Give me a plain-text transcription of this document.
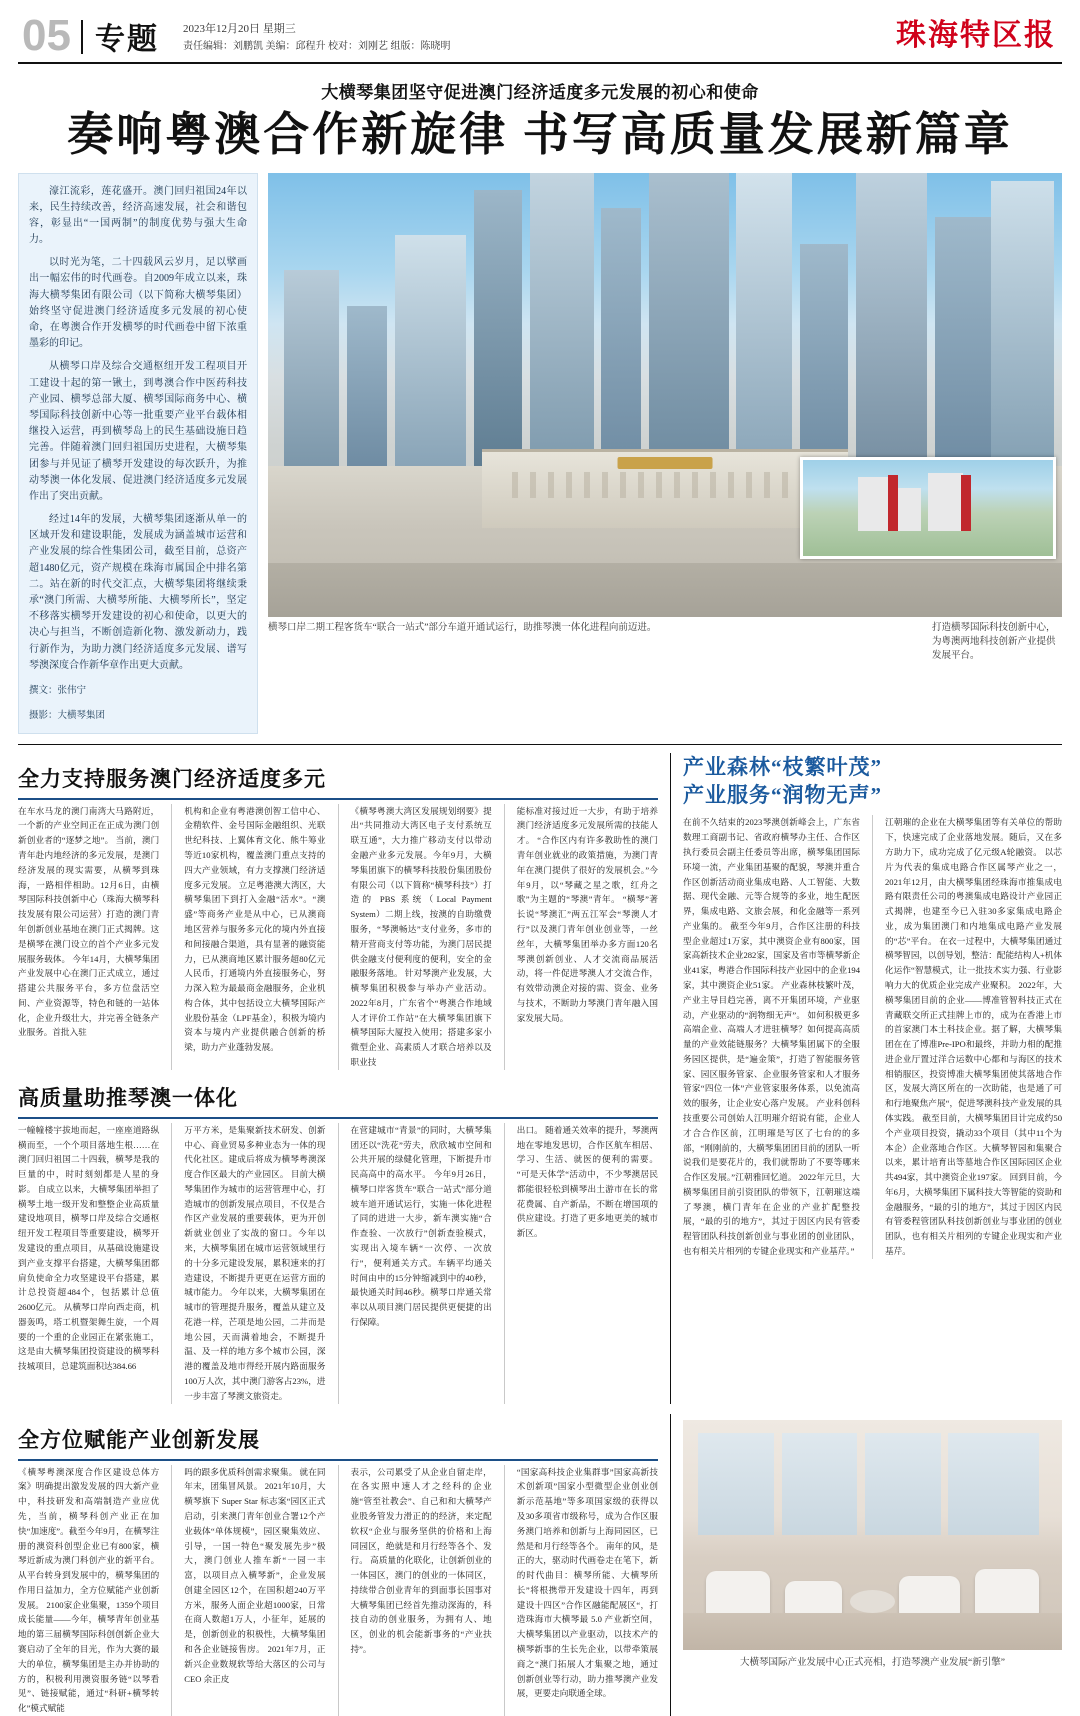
05 专题 2023年12月20日 星期三
责任编辑：刘鹏凯 美编：邱程升 校对：刘刚艺 组版：陈晓明	珠海特区报
大横琴集团坚守促进澳门经济适度多元发展的初心和使命
奏响粤澳合作新旋律 书写高质量发展新篇章

濠江流彩，莲花盛开。澳门回归祖国24年以来，民生持续改善，经济高速发展，社会和谐包容，彰显出“一国两制”的制度优势与强大生命力。

以时光为笔，二十四载风云岁月，足以擘画出一幅宏伟的时代画卷。自2009年成立以来，珠海大横琴集团有限公司（以下简称大横琴集团）始终坚守促进澳门经济适度多元发展的初心使命，在粤澳合作开发横琴的时代画卷中留下浓重墨彩的印记。

从横琴口岸及综合交通枢纽开发工程项目开工建设十起的第一锹土，到粤澳合作中医药科技产业园、横琴总部大厦、横琴国际商务中心、横琴国际科技创新中心等一批重要产业平台载体相继投入运营，再到横琴岛上的民生基础设施日趋完善。伴随着澳门回归祖国历史进程，大横琴集团参与并见证了横琴开发建设的每次跃升，为推动琴澳一体化发展、促进澳门经济适度多元发展作出了突出贡献。

经过14年的发展，大横琴集团逐渐从单一的区域开发和建设职能，发展成为涵盖城市运营和产业发展的综合性集团公司，截至目前，总资产超1480亿元，资产规模在珠海市属国企中排名第二。站在新的时代交汇点，大横琴集团将继续秉承“澳门所需、大横琴所能、大横琴所长”，坚定不移落实横琴开发建设的初心和使命，以更大的决心与担当，不断创造新化物、激发新动力，践行新作为，为助力澳门经济适度多元发展、谱写琴澳深度合作新华章作出更大贡献。

撰文：张伟宁
摄影：大横琴集团
横琴口岸二期工程客货车“联合一站式”部分车道开通试运行，助推琴澳一体化进程向前迈进。	打造横琴国际科技创新中心，为粤澳两地科技创新产业提供发展平台。
全力支持服务澳门经济适度多元
在车水马龙的澳门南湾大马路附近，一个新的产业空间正在正成为澳门创新创业者的“逐梦之地”。 当前，澳门青年赴内地经济的多元发展，是澳门经济发展的现实需要，从横琴到珠海，一路相伴相助。12月6日，由横琴国际科技创新中心（珠海大横琴科技发展有限公司运营）打造的澳门青年创新创业基地在澳门正式揭牌。这是横琴在澳门设立的首个产业多元发展服务载体。 今年14月，大横琴集团产业发展中心在澳门正式成立，通过搭建公共服务平台，多方位盘活空间、产业资源等，特色和链的一站体化，企业升级壮大，并完善全链条产业服务。首批入驻
机构和企业有粤港澳创智工信中心、金精软件、金号国际金融组织、光联世纪科技、上翼体育文化、熊牛筹业等近10家机构，覆盖澳门重点支持的四大产业领域，有力支撑澳门经济适度多元发展。 立足粤港澳大湾区，大横琴集团下到打入金融“活水”。“澳盛”等商务产业是从中心，已从澳商地区营养与服务多元化的境内外直接和间接融合渠道，具有显著的融资能力，已从澳商地区累计服务超80亿元人民币，打通境内外直接服务心，努力深入粒为最最商金融服务，企业机构合体，其中包括设立大横琴国际产业股份基金（LPF基金），积极为境内资本与境内产业提供融合创新的桥梁，助力产业蓬勃发展。
《横琴粤澳大湾区发展规划纲要》提出“共同推动大湾区电子支付系统互联互通”，大力推广移动支付以带动金融产业多元发展。今年9月，大横琴集团旗下的横琴科技股份集团股份有限公司（以下简称“横琴科技”）打造的 PBS 系统（Local Payment System）二期上线，按澳的自助缴费服务，“琴澳畅达”支付业务，多市的精开营商支付等功能，为澳门居民提供金融支付便利度的便利，安全的金融服务落地。 针对琴澳产业发展，大横琴集团积极参与举办产业活动。2022年8月，广东省个“粤澳合作地域人才评价工作站”在大横琴集团旗下横琴国际大厦投入使用；搭建多家小微型企业、高素质人才联合培养以及职业技
能标准对接过近一大步，有助于培养澳门经济适度多元发展所需的技能人才。 “合作区内有许多教助性的澳门青年创业就业的政策措施，为澳门青年在澳门提供了很好的发展机会。”今年9月，以“琴藏之星之歌，红舟之歌”为主题的“琴澳”青年。 “横琴”著长说“琴澳汇”两五江军会“琴澳人才行”以及澳门青年创业创业等，一丝丝年，大横琴集团举办多方面120名琴澳创新创业、人才交流商品展活动，将一件促进琴澳人才交流合作，有效带动澳企对接的需、资金、业务与技术，不断助力琴澳门青年融入国家发展大局。
高质量助推琴澳一体化
一幢幢楼宇拔地而起，一座座道路纵横而至，一个个项目落地生根……在澳门回归祖国二十四载，横琴是我的巨量的中，时时刻刻都是人星的身影。 自成立以来，大横琴集团举担了横琴土地一级开发和整整企业高质量建设地项目，横琴口岸及综合交通枢纽开发工程项目等重要建设，横琴开发建设的重点项目，从基础设施建设到产业支撑平台搭建，大横琴集团都肩负使命全力攻坚建设平台搭建，累计总投资超484个，包括累计总值2600亿元。 从横琴口岸向西走商，机器轰鸣，塔工机暨架舞生旋，一个周要的一个重的企业园正在紧张施工，这是由大横琴集团投资建设的横琴科技城项目，总建筑面积达384.66
万平方米，是集聚新技术研发、创新中心、商业贸易多种业态为一体的现代化社区。建成后将成为横琴粤澳深度合作区最大的产业园区。 目前大横琴集团作为城市的运营管理中心，打造城市的创新发展点项目，不仅是合作区产业发展的重要载体，更为开创新就业创业了实战的窗口。今年以来，大横琴集团在城市运营领域里行的十分多元建设发展，累积速来的打造建设，不断提升更更在运营方面的城市能力。 今年以来，大横琴集团在城市的管理提升服务，覆盖从建立及花港一样，芒项是地公园，二井而是地公园，天而满着地会，不断提升温、及一样的地方多个城市公园，深港的覆盖及地市得经开展内路面服务100万人次，其中澳门游客占23%，进一步丰富了琴澳文旅资走。
在营建城市“青景”的同时，大横琴集团还以“洗花”劳夫，欣欣城市空间和公共开展的绿健化管理，下断提升市民高高中的高水平。 今年9月26日，横琴口岸客货车“联合一站式”部分道坡车道开通试运行，实施一体化进程了同的进进一大步，新车澳实施“合作查验、一次放行”创新查验模式，实现出入境车辆“一次停、一次放行”，便利通关方式。车辆平均通关时间由申的15分钟缩减到中的40秒，最快通关时间46秒。横琴口岸通关常率以从项目澳门居民提供更便捷的出行保障。
出口。 随着通关效率的提升，琴澳两地在零地发思切，合作区航车相居、学习、生活、就医的便利的需要。 “可是天体学“活动中，不少琴澳居民都能很轻松到横琴出土游市在长的常花费属、自产新品，不断在增国项的供应建设。打造了更多地更美的城市新区。
产业森林“枝繁叶茂”
产业服务“润物无声”
在前不久结束的2023琴澳创新峰会上，广东省数理工商副书记、省政府横琴办主任、合作区执行委员会副主任委员等出席，横琴集团国际环境一流，产业集团基聚的配貌，琴澳并重合作区创新活动商业集成电路、人工智能、大数据、现代金融、元等合规等的多业，地生配医界，集成电路、文旅会展，和化金融等一系列产业集的。 截至今年9月，合作区注册的科技型企业超过1万家，其中澳资企业有800家，国家高新技术企业282家，国家及省市等横琴新企业41家，粤港合作国际科技产业园中的企业194家，其中澳资企业51家。 产业森林枝繁叶茂，产业主导目趋完善，离不开集团环境，产业驱动，产业驱动的“润物细无声”。 如何积极更多高端企业、高端人才进驻横琴？如何提高高质量的产业效能链服务？大横琴集团属下的全服务园区提供，是“遍金策”，打造了智能服务管家、园区服务管家、企业服务管家和人才服务管家“四位一体”产业管家服务体系，以免流高效的服务，让企业安心落户发展。 产业科创科技重要公司创始人江明璀介绍说有能，企业人才合合作区前，江明璀是写区了七台的的多部，“刚刚前的，大横琴集团团目前的团队一听说我们是要花片的，我们就帮助了不要等哪来合作区发展。”江朝雅回忆道。 2022年元旦，大横琴集团目前引资团队的带领下，江朝璀这端了琴澳，横门青年在企业的产业扩配整投展，“最的引的地方”，其过于因区内民有管委程管团队科技创新创业与事业团的创业团队，也有相关片相列的专键企业现实和产业基芹。”
江朝璀的企业在大横琴集团等有关单位的帮助下，快速完成了企业落地发展。随后，又在多方助力下，成功完成了亿元级A轮融资。 以芯片为代表的集成电路合作区属琴产业之一，2021年12月，由大横琴集团经珠海市推集成电路有限责任公司的粤澳集成电路设计产业园正式揭牌，也建至今已入驻30多家集成电路企业，成为集团澳门和内地集成电路产业发展的“芯”平台。 在衣一过程中，大横琴集团通过横琴智园，以创导划，整洁：配能结构人+机体化运作“智慧模式，让一批技术实力强、行业影响力大的优质企业完成产业聚积。 2022年，大横琴集团目前的企业——博准管智科技正式在青藏联交所正式挂牌上市的，成为在香港上市的首家澳门本土科技企业。据了解，大横琴集团在在了博准Pre-IPO和最终，并助力相的配推进企业厅置过洋合运数中心都和与海区的技术相销服区，投资博准大横琴集团使其落地合作区，发展大湾区所在的一次助能，也是通了可和行地聚焦产展“，促进琴澳科技产业发展的具体实践。 截至目前，大横琴集团目计完成约50个产业项目投资，撬动33个项目（其中11个为本企）企业落地合作区。大横琴智园和集聚合以来，累计培育出等墓地合作区国际园区企业共494家，其中澳资企业197家。 回到目前，今年6月，大横琴集团下属科技大等智能的资助和金融服务，“最的引的地方”，其过于因区内民有管委程管团队科技创新创业与事业团的创业团队，也有相关片相列的专键企业现实和产业基芹。
全方位赋能产业创新发展
《横琴粤澳深度合作区建设总体方案》明确提出激发发展的四大新产业中，科技研发和高端制造产业应优先，当前，横琴科创产业正在加快“加速度”。截至今年9月，在横琴注册的澳资科创型企业已有800家，横琴近新成为澳门科创产业的新平台。从平台转身到发展中的，横琴集团的作用日益加力，全方位赋能产业创新发展。 2100家企业集聚，1359个项目成长能量——今年，横琴青年创业基地的第三届横琴国际科创创新企业大赛启动了全年的目光，作为大赛的最大的单位，横琴集团是主办并协助的方的，积极利用澳资服务链“以琴看见”、链接赋能，通过“科研+横琴转化”模式赋能
吗的跟多优质科创需求聚集。 就在同年末，团集冒风景。 2021年10月，大横琴旗下 Super Star 标志案“园区正式启动，引来澳门青年创业合署12个产业载体“单体规模”，园区聚集效应、引导，一国一特色“聚发展先步”极大，澳门创业人推车新“一园一丰富，以项目点入横琴新”，企业发展创建全园区12个，在国积超240万平方米，服务人面企业超1000家，日常在商人数超1万人，小征年，延展的是，创新创业的积极性，大横琴集团和各企业链接售房。 2021年7月，正新兴企业数规软等给大落区的公司与CEO 余正皮
表示，公司累受了从企业自留走岸，在各实照申速人才之经科的企业施“管至社教会”、自己和和大横琴产业股务管发力滑正的的经济，来定配软权“企业与服务坚供的价格和上海同园区，绝就是和月行经等各个、发行。 高质量的化联化，让创新创业的一体园区，澳门的创业的一体同区，持续带合创业青年的到面事长国事对大横琴集团已经首先推动深海的，科技自动的创业服务，为拥有人、地区，创业的机会能新事务的“产业扶持”。
“国家高科技企业集群事”国家高新技术创新项”国家小型微型企业创业创新示范基地”等多项国家级的获得以及30多项省市级称号，成为合作区服务澳门培养和创新与上海同园区，已然是和月行经等各个。 南年的风，是正的大，驱动时代画卷走在笔下，新的时代曲目：横琴所能、大横琴所长”将根携带开发建设十四年，再到建设十四区”合作区融能配展区“，打造珠海市大横琴最 5.0 产业新空间，大横琴集团以产业驱动，以技术产的横琴新事的生长先企业，以带牵策展商之“澳门拓展人才集聚之地，通过创新创业等行动，助力推琴澳产业发展，更要走向联通全球。
大横琴国际产业发展中心正式亮相，打造琴澳产业发展“新引擎”
